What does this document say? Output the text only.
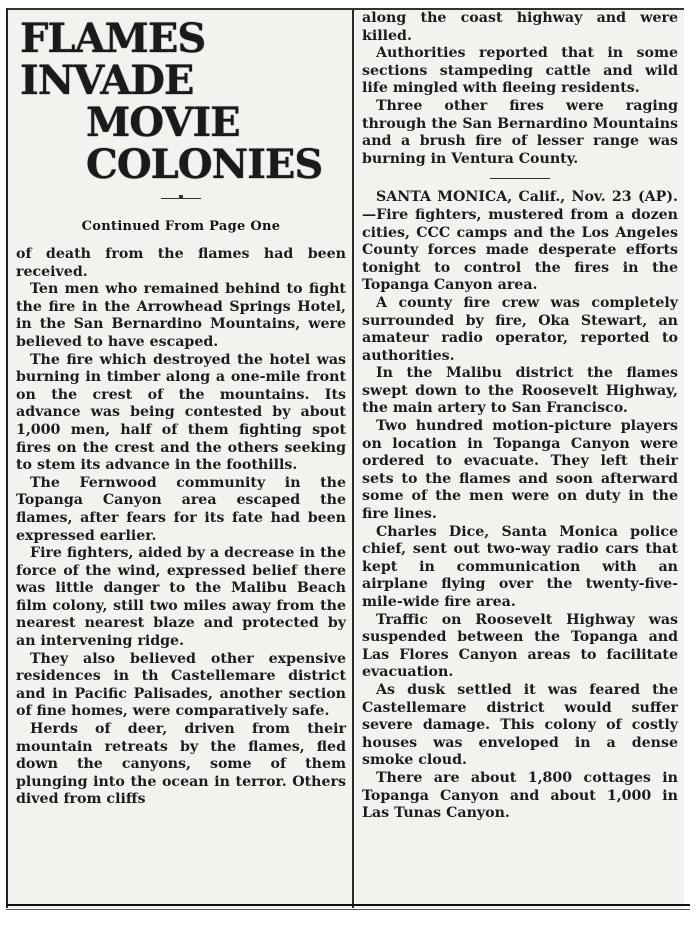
FLAMES INVADE
MOVIE COLONIES
Continued From Page One

of death from the flames had been received.

Ten men who remained behind to fight the fire in the Arrowhead Springs Hotel, in the San Bernardino Mountains, were believed to have escaped.

The fire which destroyed the hotel was burning in timber along a one-mile front on the crest of the mountains. Its advance was being contested by about 1,000 men, half of them fighting spot fires on the crest and the others seeking to stem its advance in the foothills.

The Fernwood community in the Topanga Canyon area escaped the flames, after fears for its fate had been expressed earlier.

Fire fighters, aided by a decrease in the force of the wind, expressed belief there was little danger to the Malibu Beach film colony, still two miles away from the nearest nearest blaze and protected by an intervening ridge.

They also believed other expensive residences in th Castellemare district and in Pacific Palisades, another section of fine homes, were comparatively safe.

Herds of deer, driven from their mountain retreats by the flames, fled down the canyons, some of them plunging into the ocean in terror. Others dived from cliffs

along the coast highway and were killed.

Authorities reported that in some sections stampeding cattle and wild life mingled with fleeing residents.

Three other fires were raging through the San Bernardino Mountains and a brush fire of lesser range was burning in Ventura County.

SANTA MONICA, Calif., Nov. 23 (AP).—Fire fighters, mustered from a dozen cities, CCC camps and the Los Angeles County forces made desperate efforts tonight to control the fires in the Topanga Canyon area.

A county fire crew was completely surrounded by fire, Oka Stewart, an amateur radio operator, reported to authorities.

In the Malibu district the flames swept down to the Roosevelt Highway, the main artery to San Francisco.

Two hundred motion-picture players on location in Topanga Canyon were ordered to evacuate. They left their sets to the flames and soon afterward some of the men were on duty in the fire lines.

Charles Dice, Santa Monica police chief, sent out two-way radio cars that kept in communication with an airplane flying over the twenty-five-mile-wide fire area.

Traffic on Roosevelt Highway was suspended between the Topanga and Las Flores Canyon areas to facilitate evacuation.

As dusk settled it was feared the Castellemare district would suffer severe damage. This colony of costly houses was enveloped in a dense smoke cloud.

There are about 1,800 cottages in Topanga Canyon and about 1,000 in Las Tunas Canyon.
